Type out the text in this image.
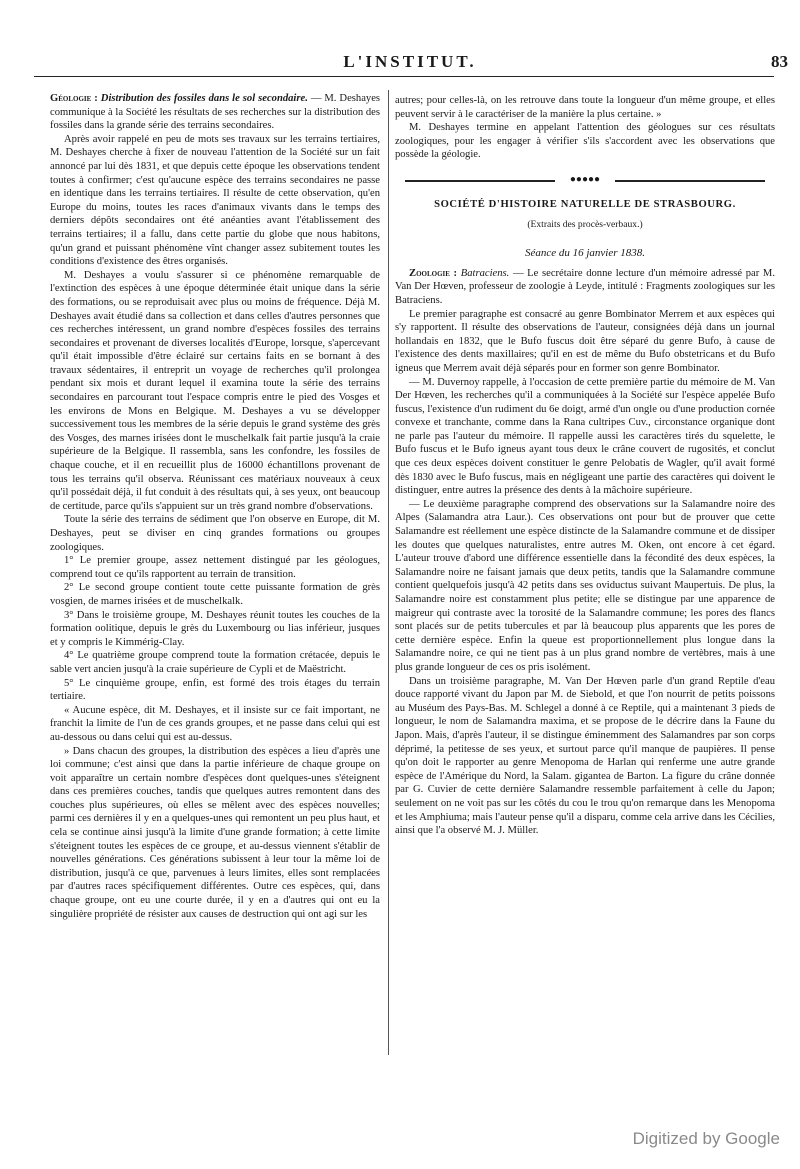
L'INSTITUT.	83

Géologie : Distribution des fossiles dans le sol secondaire. — M. Deshayes communique à la Société les résultats de ses recherches sur la distribution des fossiles dans la grande série des terrains secondaires.

Après avoir rappelé en peu de mots ses travaux sur les terrains tertiaires, M. Deshayes cherche à fixer de nouveau l'attention de la Société sur un fait annoncé par lui dès 1831, et que depuis cette époque les observations tendent toutes à confirmer; c'est qu'aucune espèce des terrains secondaires ne passe en identique dans les terrains tertiaires. Il résulte de cette observation, qu'en Europe du moins, toutes les races d'animaux vivants dans le temps des derniers dépôts secondaires ont été anéanties avant l'établissement des terrains tertiaires; il a fallu, dans cette partie du globe que nous habitons, qu'un grand et puissant phénomène vînt changer assez subitement toutes les conditions d'existence des êtres organisés.

M. Deshayes a voulu s'assurer si ce phénomène remarquable de l'extinction des espèces à une époque déterminée était unique dans la série des formations, ou se reproduisait avec plus ou moins de fréquence. Déjà M. Deshayes avait étudié dans sa collection et dans celles d'autres personnes que ces recherches intéressent, un grand nombre d'espèces fossiles des terrains secondaires et provenant de diverses localités d'Europe, lorsque, s'apercevant qu'il était impossible d'être éclairé sur certains faits en se bornant à des travaux sédentaires, il entreprit un voyage de recherches qu'il prolongea pendant six mois et durant lequel il examina toute la série des terrains secondaires en parcourant tout l'espace compris entre le pied des Vosges et les environs de Mons en Belgique. M. Deshayes a vu se développer successivement tous les membres de la série depuis le grand système des grès des Vosges, des marnes irisées dont le muschelkalk fait partie jusqu'à la craie supérieure de la Belgique. Il rassembla, sans les confondre, les fossiles de chaque couche, et il en recueillit plus de 16000 échantillons provenant de tous les terrains qu'il observa. Réunissant ces matériaux nouveaux à ceux qu'il possédait déjà, il fut conduit à des résultats qui, à ses yeux, ont beaucoup de certitude, parce qu'ils s'appuient sur un très grand nombre d'observations.

Toute la série des terrains de sédiment que l'on observe en Europe, dit M. Deshayes, peut se diviser en cinq grandes formations ou groupes zoologiques.

1° Le premier groupe, assez nettement distingué par les géologues, comprend tout ce qu'ils rapportent au terrain de transition.

2° Le second groupe contient toute cette puissante formation de grès vosgien, de marnes irisées et de muschelkalk.

3° Dans le troisième groupe, M. Deshayes réunit toutes les couches de la formation oolitique, depuis le grès du Luxembourg ou lias inférieur, jusques et y compris le Kimmérig-Clay.

4° Le quatrième groupe comprend toute la formation crétacée, depuis le sable vert ancien jusqu'à la craie supérieure de Cypli et de Maëstricht.

5° Le cinquième groupe, enfin, est formé des trois étages du terrain tertiaire.

« Aucune espèce, dit M. Deshayes, et il insiste sur ce fait important, ne franchit la limite de l'un de ces grands groupes, et ne passe dans celui qui est au-dessous ou dans celui qui est au-dessus.

» Dans chacun des groupes, la distribution des espèces a lieu d'après une loi commune; c'est ainsi que dans la partie inférieure de chaque groupe on voit apparaître un certain nombre d'espèces dont quelques-unes s'éteignent dans ces premières couches, tandis que quelques autres remontent dans des couches plus supérieures, où elles se mêlent avec des espèces nouvelles; parmi ces dernières il y en a quelques-unes qui remontent un peu plus haut, et cela se continue ainsi jusqu'à la limite d'une grande formation; à cette limite s'éteignent toutes les espèces de ce groupe, et au-dessus viennent s'établir de nouvelles générations. Ces générations subissent à leur tour la même loi de distribution, jusqu'à ce que, parvenues à leurs limites, elles sont remplacées par d'autres races spécifiquement différentes. Outre ces espèces, qui, dans chaque groupe, ont eu une courte durée, il y en a d'autres qui ont eu la singulière propriété de résister aux causes de destruction qui ont agi sur les

autres; pour celles-là, on les retrouve dans toute la longueur d'un même groupe, et elles peuvent servir à le caractériser de la manière la plus certaine. »

M. Deshayes termine en appelant l'attention des géologues sur ces résultats zoologiques, pour les engager à vérifier s'ils s'accordent avec les observations que possède la géologie.

●●●●●
SOCIÉTÉ D'HISTOIRE NATURELLE DE STRASBOURG.
(Extraits des procès-verbaux.)
Séance du 16 janvier 1838.

Zoologie : Batraciens. — Le secrétaire donne lecture d'un mémoire adressé par M. Van Der Hœven, professeur de zoologie à Leyde, intitulé : Fragments zoologiques sur les Batraciens.

Le premier paragraphe est consacré au genre Bombinator Merrem et aux espèces qui s'y rapportent. Il résulte des observations de l'auteur, consignées déjà dans un journal hollandais en 1832, que le Bufo fuscus doit être séparé du genre Bufo, à cause de l'existence des dents maxillaires; qu'il en est de même du Bufo obstetricans et du Bufo igneus que Merrem avait déjà séparés pour en former son genre Bombinator.

— M. Duvernoy rappelle, à l'occasion de cette première partie du mémoire de M. Van Der Hœven, les recherches qu'il a communiquées à la Société sur l'espèce appelée Bufo fuscus, l'existence d'un rudiment du 6e doigt, armé d'un ongle ou d'une production cornée convexe et tranchante, comme dans la Rana cultripes Cuv., circonstance organique dont ne parle pas l'auteur du mémoire. Il rappelle aussi les caractères tirés du squelette, le Bufo fuscus et le Bufo igneus ayant tous deux le crâne couvert de rugosités, et conclut que ces deux espèces doivent constituer le genre Pelobatis de Wagler, qu'il avait formé dès 1830 avec le Bufo fuscus, mais en négligeant une partie des caractères qui doivent le distinguer, entre autres la présence des dents à la mâchoire supérieure.

— Le deuxième paragraphe comprend des observations sur la Salamandre noire des Alpes (Salamandra atra Laur.). Ces observations ont pour but de prouver que cette Salamandre est réellement une espèce distincte de la Salamandre commune et de dissiper les doutes que quelques naturalistes, entre autres M. Oken, ont encore à cet égard. L'auteur trouve d'abord une différence essentielle dans la fécondité des deux espèces, la Salamandre noire ne faisant jamais que deux petits, tandis que la Salamandre commune contient quelquefois jusqu'à 42 petits dans ses oviductus suivant Maupertuis. De plus, la Salamandre noire est constamment plus petite; elle se distingue par une apparence de maigreur qui contraste avec la torosité de la Salamandre commune; les pores des flancs sont placés sur de petits tubercules et par là beaucoup plus apparents que les pores de cette dernière espèce. Enfin la queue est proportionnellement plus longue dans la Salamandre noire, ce qui ne tient pas à un plus grand nombre de vertèbres, mais à une plus grande longueur de ces os pris isolément.

Dans un troisième paragraphe, M. Van Der Hœven parle d'un grand Reptile d'eau douce rapporté vivant du Japon par M. de Siebold, et que l'on nourrit de petits poissons au Muséum des Pays-Bas. M. Schlegel a donné à ce Reptile, qui a maintenant 3 pieds de longueur, le nom de Salamandra maxima, et se propose de le décrire dans la Faune du Japon. Mais, d'après l'auteur, il se distingue éminemment des Salamandres par son corps déprimé, la petitesse de ses yeux, et surtout parce qu'il manque de paupières. Il pense qu'on doit le rapporter au genre Menopoma de Harlan qui renferme une autre grande espèce de l'Amérique du Nord, la Salam. gigantea de Barton. La figure du crâne donnée par G. Cuvier de cette dernière Salamandre ressemble parfaitement à celle du Japon; seulement on ne voit pas sur les côtés du cou le trou qu'on remarque dans les Menopoma et les Amphiuma; mais l'auteur pense qu'il a disparu, comme cela arrive dans les Cécilies, ainsi que l'a observé M. J. Müller.

Digitized by Google
